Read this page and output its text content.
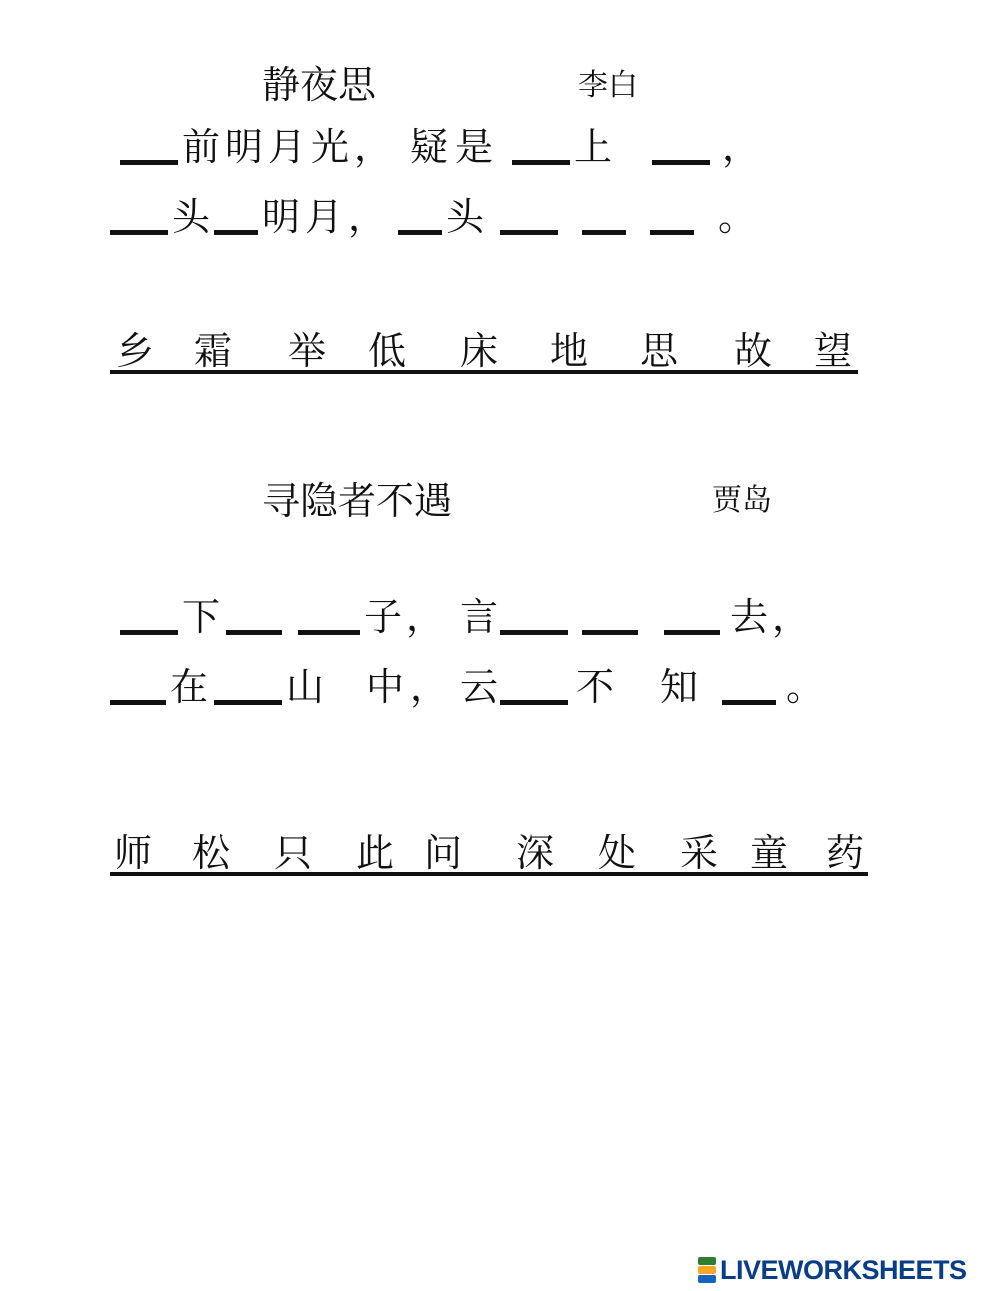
静夜思	李白
前 明 月 光 ， 疑 是 上	，
头 明 月 ， 头	。
乡 霜 举 低 床 地 思 故 望
寻隐者不遇	贾岛
下	子 ， 言	去 ，
在 山 中 ， 云 不 知 。
师 松 只 此 问 深 处 采 童 药
LIVEWORKSHEETS
